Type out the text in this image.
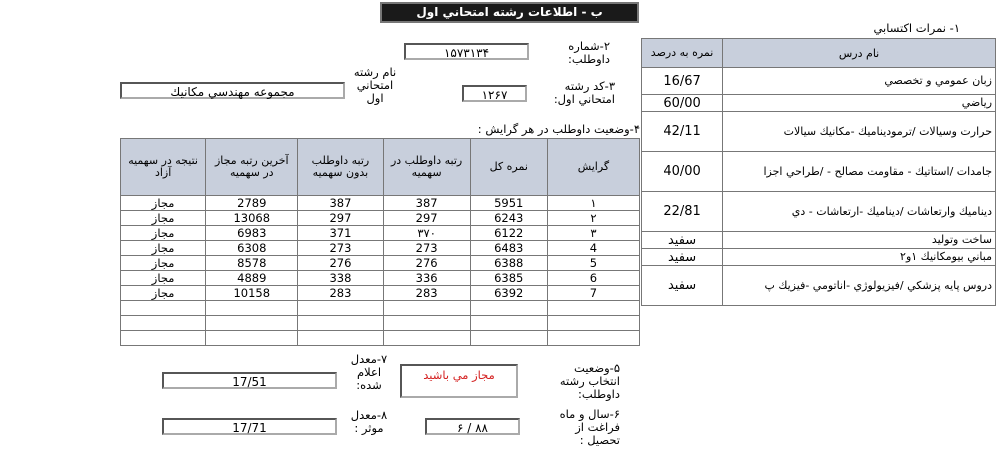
ب - اطلاعات رشته امتحاني اول
۱- نمرات اكتسابي
نام درس	نمره به درصد
زبان عمومي و تخصصي	16/67
رياضي	60/00
حرارت وسيالات /ترموديناميك -مكانيك سيالات	42/11
جامدات /استاتيك - مقاومت مصالح - /طراحي اجزا	40/00
ديناميك وارتعاشات /ديناميك -ارتعاشات - دي	22/81
ساخت وتوليد	سفيد
مباني بيومكانيك ۱و۲	سفيد
دروس پايه پزشكي /فيزيولوژي -اناتومي -فيزيك پ	سفيد
۲-شماره داوطلب:
۱۵۷۳۱۳۴
۳-كد رشته امتحاني اول:
۱۲۶۷
نام رشته امتحاني اول
مجموعه مهندسي مكانيك
۴-وضعيت داوطلب در هر گرايش :
گرايش	نمره كل	رتبه داوطلب در سهميه	رتبه داوطلب بدون سهميه	آخرين رتبه مجاز در سهميه	نتيجه در سهميه آزاد
۱	5951	387	387	2789	مجاز
۲	6243	297	297	13068	مجاز
۳	6122	۳۷۰	371	6983	مجاز
4	6483	273	273	6308	مجاز
5	6388	276	276	8578	مجاز
6	6385	336	338	4889	مجاز
7	6392	283	283	10158	مجاز

۵-وضعيت انتخاب رشته داوطلب:
مجاز مي باشيد
۷-معدل اعلام شده:
17/51
۶-سال و ماه فراغت از تحصيل :
۶ / ۸۸
۸-معدل موثر :
17/71
